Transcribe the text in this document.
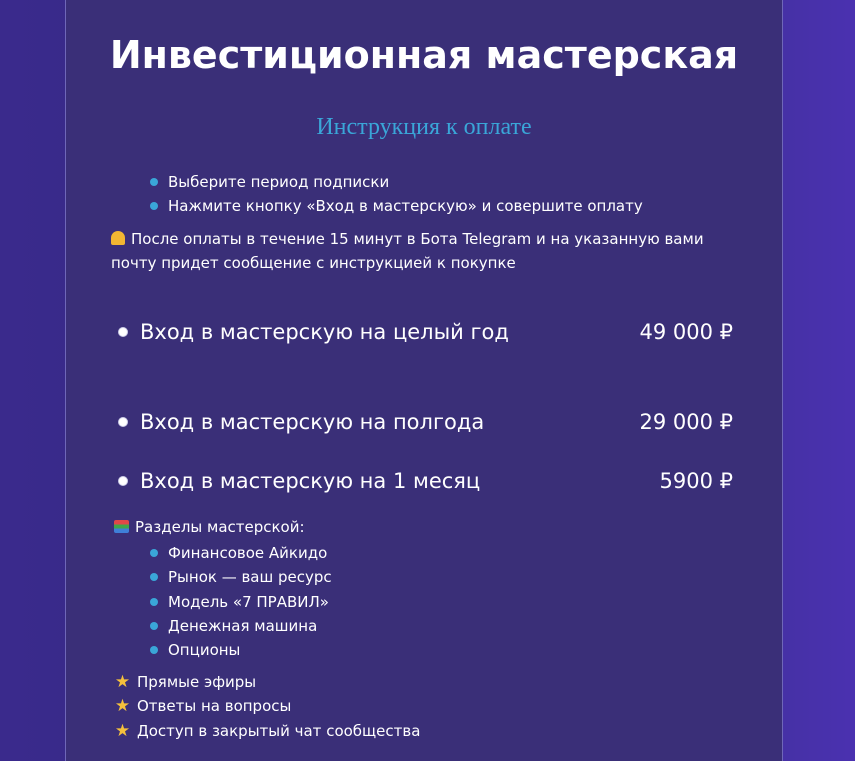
Инвестиционная мастерская
Инструкция к оплате
Выберите период подписки
Нажмите кнопку «Вход в мастерскую» и совершите оплату
После оплаты в течение 15 минут в Бота Telegram и на указанную вами почту придет сообщение с инструкцией к покупке
Вход в мастерскую на целый год	49 000 ₽
Вход в мастерскую на полгода	29 000 ₽
Вход в мастерскую на 1 месяц	5900 ₽
Разделы мастерской:
Финансовое Айкидо
Рынок — ваш ресурс
Модель «7 ПРАВИЛ»
Денежная машина
Опционы
★ Прямые эфиры
★ Ответы на вопросы
★ Доступ в закрытый чат сообщества
